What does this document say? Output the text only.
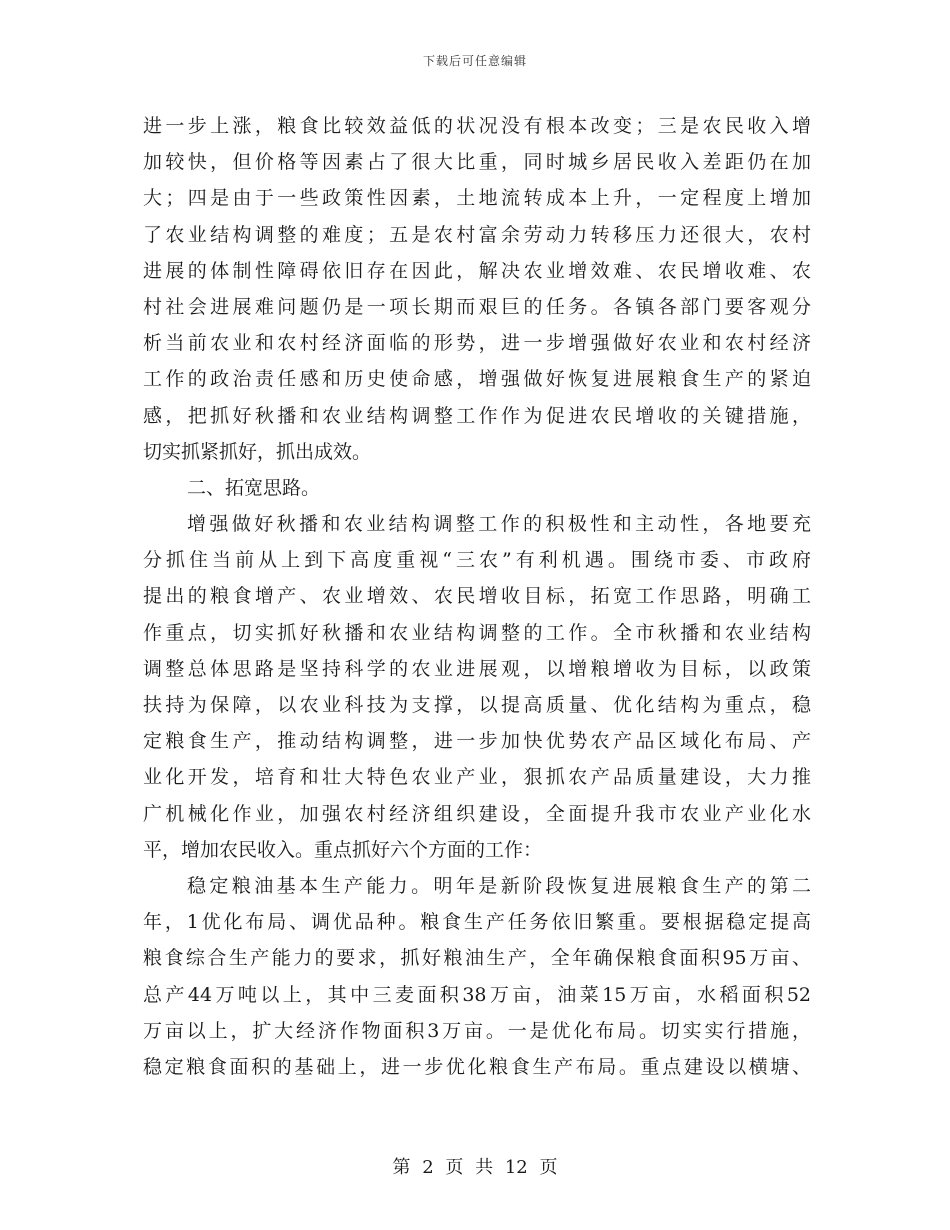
下载后可任意编辑
进一步上涨，粮食比较效益低的状况没有根本改变；三是农民收入增
加较快，但价格等因素占了很大比重，同时城乡居民收入差距仍在加
大；四是由于一些政策性因素，土地流转成本上升，一定程度上增加
了农业结构调整的难度；五是农村富余劳动力转移压力还很大，农村
进展的体制性障碍依旧存在因此，解决农业增效难、农民增收难、农
村社会进展难问题仍是一项长期而艰巨的任务。各镇各部门要客观分
析当前农业和农村经济面临的形势，进一步增强做好农业和农村经济
工作的政治责任感和历史使命感，增强做好恢复进展粮食生产的紧迫
感，把抓好秋播和农业结构调整工作作为促进农民增收的关键措施，
切实抓紧抓好，抓出成效。
二、拓宽思路。
增强做好秋播和农业结构调整工作的积极性和主动性，各地要充
分抓住当前从上到下高度重视“三农”有利机遇。围绕市委、市政府
提出的粮食增产、农业增效、农民增收目标，拓宽工作思路，明确工
作重点，切实抓好秋播和农业结构调整的工作。全市秋播和农业结构
调整总体思路是坚持科学的农业进展观，以增粮增收为目标，以政策
扶持为保障，以农业科技为支撑，以提高质量、优化结构为重点，稳
定粮食生产，推动结构调整，进一步加快优势农产品区域化布局、产
业化开发，培育和壮大特色农业产业，狠抓农产品质量建设，大力推
广机械化作业，加强农村经济组织建设，全面提升我市农业产业化水
平，增加农民收入。重点抓好六个方面的工作：
稳定粮油基本生产能力。明年是新阶段恢复进展粮食生产的第二
年，1优化布局、调优品种。粮食生产任务依旧繁重。要根据稳定提高
粮食综合生产能力的要求，抓好粮油生产，全年确保粮食面积95万亩、
总产44万吨以上，其中三麦面积38万亩，油菜15万亩，水稻面积52
万亩以上，扩大经济作物面积3万亩。一是优化布局。切实实行措施，
稳定粮食面积的基础上，进一步优化粮食生产布局。重点建设以横塘、
第 2 页 共 12 页
